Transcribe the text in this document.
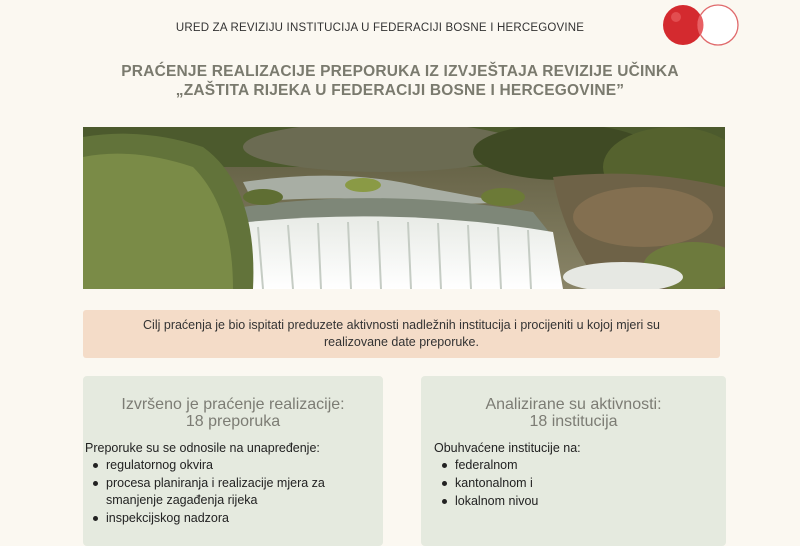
URED ZA REVIZIJU INSTITUCIJA U FEDERACIJI BOSNE I HERCEGOVINE
PRAĆENJE REALIZACIJE PREPORUKA IZ IZVJEŠTAJA REVIZIJE UČINKA
„ZAŠTITA RIJEKA U FEDERACIJI BOSNE I HERCEGOVINE”
Cilj praćenja je bio ispitati preduzete aktivnosti nadležnih institucija i procijeniti u kojoj mjeri su realizovane date preporuke.
Izvršeno je praćenje realizacije:
18 preporuka
Preporuke su se odnosile na unapređenje:
regulatornog okvira
procesa planiranja i realizacije mjera za smanjenje zagađenja rijeka
inspekcijskog nadzora
Analizirane su aktivnosti:
18 institucija
Obuhvaćene institucije na:
federalnom
kantonalnom i
lokalnom nivou
